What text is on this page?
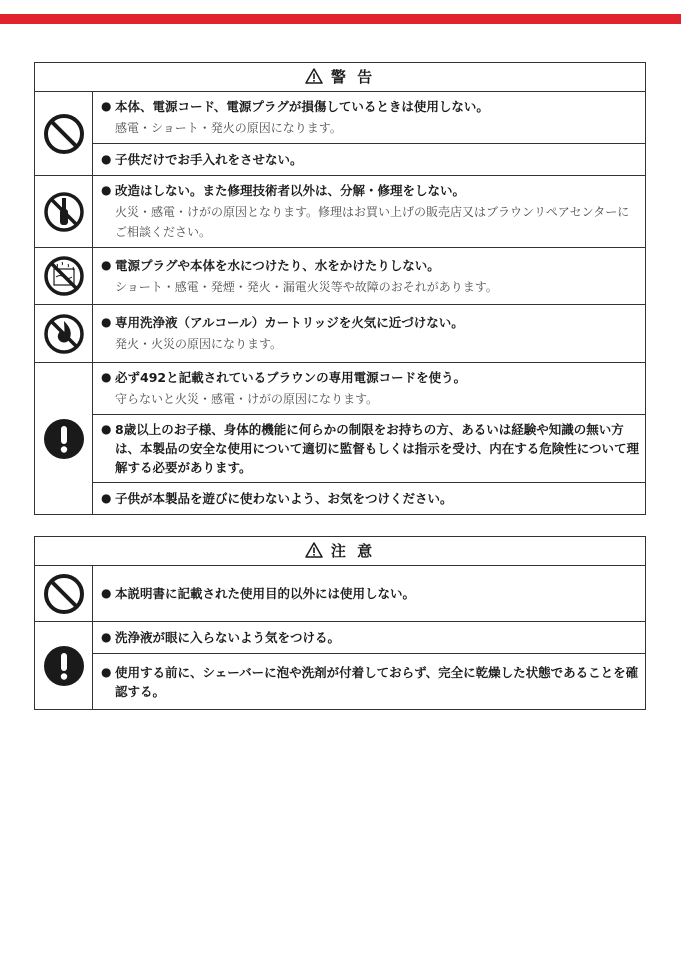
警 告	

● 本体、電源コード、電源プラグが損傷しているときは使用しない。
感電・ショート・発火の原因になります。

	● 子供だけでお手入れをさせない。

● 改造はしない。また修理技術者以外は、分解・修理をしない。
火災・感電・けがの原因となります。修理はお買い上げの販売店又はブラウンリペアセンターにご相談ください。

● 電源プラグや本体を水につけたり、水をかけたりしない。
ショート・感電・発煙・発火・漏電火災等や故障のおそれがあります。

● 専用洗浄液（アルコール）カートリッジを火気に近づけない。
発火・火災の原因になります。

● 必ず492と記載されているブラウンの専用電源コードを使う。
守らないと火災・感電・けがの原因になります。

	● 8歳以上のお子様、身体的機能に何らかの制限をお持ちの方、あるいは経験や知識の無い方は、本製品の安全な使用について適切に監督もしくは指示を受け、内在する危険性について理解する必要があります。

	● 子供が本製品を遊びに使わないよう、お気をつけください。
注 意	

● 本説明書に記載された使用目的以外には使用しない。

● 洗浄液が眼に入らないよう気をつける。

	● 使用する前に、シェーバーに泡や洗剤が付着しておらず、完全に乾燥した状態であることを確認する。
